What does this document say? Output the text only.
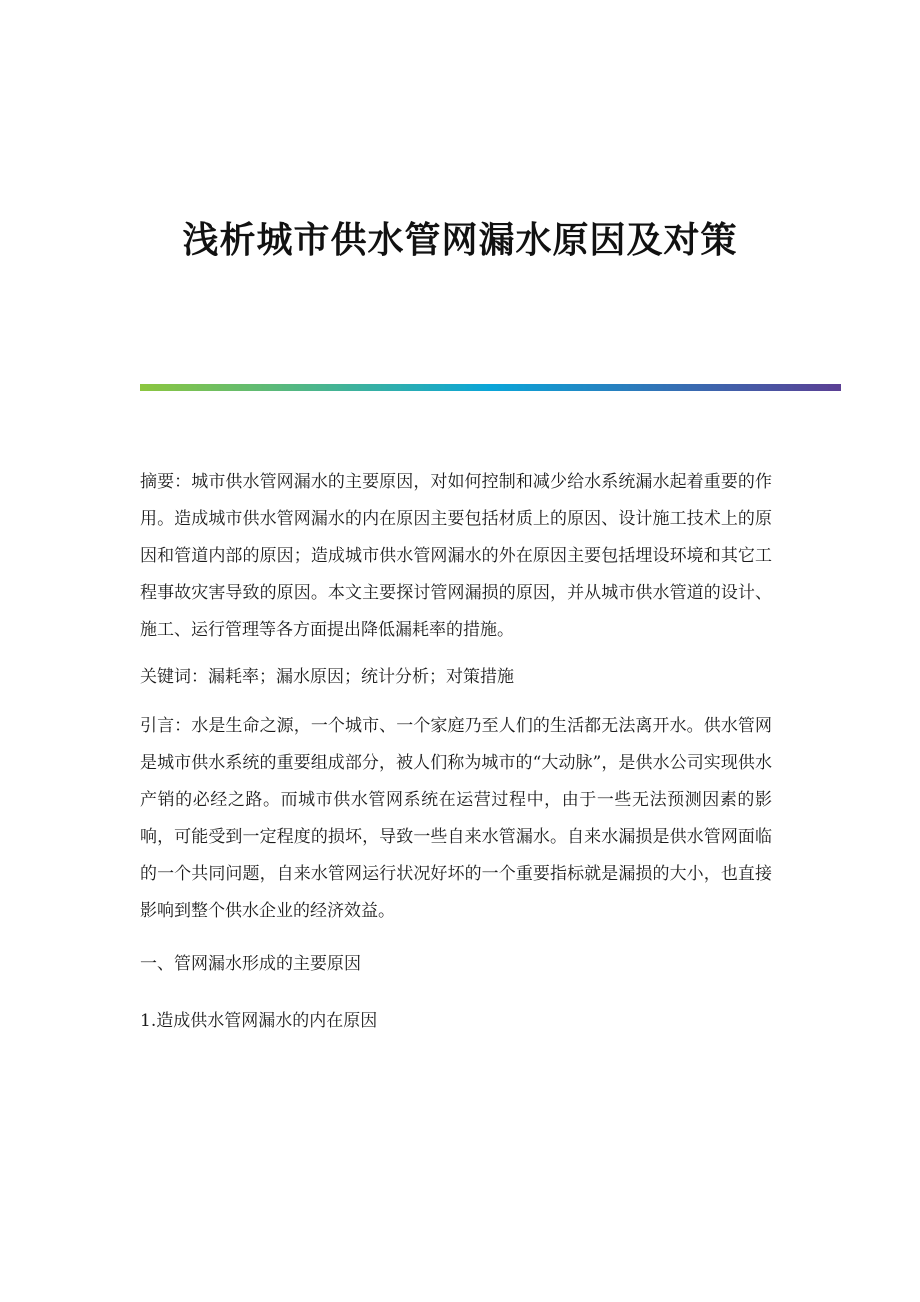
浅析城市供水管网漏水原因及对策

摘要：城市供水管网漏水的主要原因，对如何控制和减少给水系统漏水起着重要的作用。造成城市供水管网漏水的内在原因主要包括材质上的原因、设计施工技术上的原因和管道内部的原因；造成城市供水管网漏水的外在原因主要包括埋设环境和其它工程事故灾害导致的原因。本文主要探讨管网漏损的原因，并从城市供水管道的设计、施工、运行管理等各方面提出降低漏耗率的措施。

关键词：漏耗率；漏水原因；统计分析；对策措施

引言：水是生命之源，一个城市、一个家庭乃至人们的生活都无法离开水。供水管网是城市供水系统的重要组成部分，被人们称为城市的“大动脉”，是供水公司实现供水产销的必经之路。而城市供水管网系统在运营过程中，由于一些无法预测因素的影响，可能受到一定程度的损坏，导致一些自来水管漏水。自来水漏损是供水管网面临的一个共同问题，自来水管网运行状况好坏的一个重要指标就是漏损的大小，也直接影响到整个供水企业的经济效益。

一、管网漏水形成的主要原因

1.造成供水管网漏水的内在原因
